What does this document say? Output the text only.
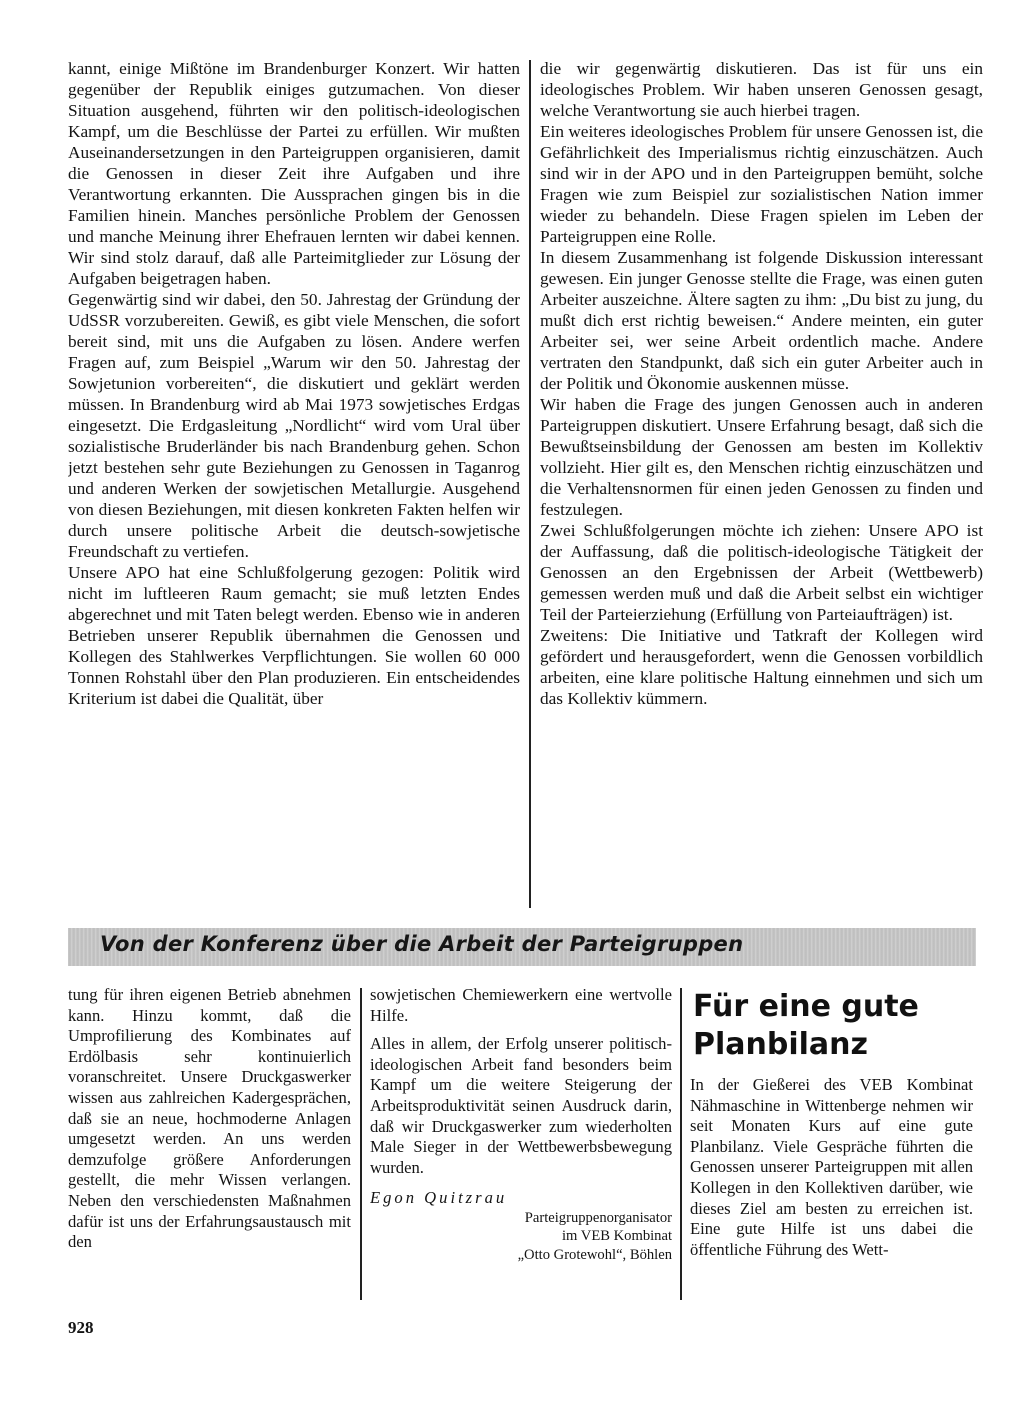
kannt, einige Mißtöne im Brandenburger Konzert. Wir hatten gegenüber der Republik einiges gutzumachen. Von dieser Situation ausgehend, führten wir den politisch-ideologischen Kampf, um die Beschlüsse der Partei zu erfüllen. Wir mußten Auseinandersetzungen in den Parteigruppen organisieren, damit die Genossen in dieser Zeit ihre Aufgaben und ihre Verantwortung erkannten. Die Aussprachen gingen bis in die Familien hinein. Manches persönliche Problem der Genossen und manche Meinung ihrer Ehefrauen lernten wir dabei kennen. Wir sind stolz darauf, daß alle Parteimitglieder zur Lösung der Aufgaben beigetragen haben.

Gegenwärtig sind wir dabei, den 50. Jahrestag der Gründung der UdSSR vorzubereiten. Gewiß, es gibt viele Menschen, die sofort bereit sind, mit uns die Aufgaben zu lösen. Andere werfen Fragen auf, zum Beispiel „Warum wir den 50. Jahrestag der Sowjetunion vorbereiten“, die diskutiert und geklärt werden müssen. In Brandenburg wird ab Mai 1973 sowjetisches Erdgas eingesetzt. Die Erdgasleitung „Nordlicht“ wird vom Ural über sozialistische Bruderländer bis nach Brandenburg gehen. Schon jetzt bestehen sehr gute Beziehungen zu Genossen in Taganrog und anderen Werken der sowjetischen Metallurgie. Ausgehend von diesen Beziehungen, mit diesen konkreten Fakten helfen wir durch unsere politische Arbeit die deutsch-sowjetische Freundschaft zu vertiefen.

Unsere APO hat eine Schlußfolgerung gezogen: Politik wird nicht im luftleeren Raum gemacht; sie muß letzten Endes abgerechnet und mit Taten belegt werden. Ebenso wie in anderen Betrieben unserer Republik übernahmen die Genossen und Kollegen des Stahlwerkes Verpflichtungen. Sie wollen 60 000 Tonnen Rohstahl über den Plan produzieren. Ein entscheidendes Kriterium ist dabei die Qualität, über

die wir gegenwärtig diskutieren. Das ist für uns ein ideologisches Problem. Wir haben unseren Genossen gesagt, welche Verantwortung sie auch hierbei tragen.

Ein weiteres ideologisches Problem für unsere Genossen ist, die Gefährlichkeit des Imperialismus richtig einzuschätzen. Auch sind wir in der APO und in den Parteigruppen bemüht, solche Fragen wie zum Beispiel zur sozialistischen Nation immer wieder zu behandeln. Diese Fragen spielen im Leben der Parteigruppen eine Rolle.

In diesem Zusammenhang ist folgende Diskussion interessant gewesen. Ein junger Genosse stellte die Frage, was einen guten Arbeiter auszeichne. Ältere sagten zu ihm: „Du bist zu jung, du mußt dich erst richtig beweisen.“ Andere meinten, ein guter Arbeiter sei, wer seine Arbeit ordentlich mache. Andere vertraten den Standpunkt, daß sich ein guter Arbeiter auch in der Politik und Ökonomie auskennen müsse.

Wir haben die Frage des jungen Genossen auch in anderen Parteigruppen diskutiert. Unsere Erfahrung besagt, daß sich die Bewußtseinsbildung der Genossen am besten im Kollektiv vollzieht. Hier gilt es, den Menschen richtig einzuschätzen und die Verhaltensnormen für einen jeden Genossen zu finden und festzulegen.

Zwei Schlußfolgerungen möchte ich ziehen: Unsere APO ist der Auffassung, daß die politisch-ideologische Tätigkeit der Genossen an den Ergebnissen der Arbeit (Wettbewerb) gemessen werden muß und daß die Arbeit selbst ein wichtiger Teil der Parteierziehung (Erfüllung von Parteiaufträgen) ist.

Zweitens: Die Initiative und Tatkraft der Kollegen wird gefördert und herausgefordert, wenn die Genossen vorbildlich arbeiten, eine klare politische Haltung einnehmen und sich um das Kollektiv kümmern.

Von der Konferenz über die Arbeit der Parteigruppen

tung für ihren eigenen Betrieb abnehmen kann. Hinzu kommt, daß die Umprofilierung des Kombinates auf Erdölbasis sehr kontinuierlich voranschreitet. Unsere Druckgaswerker wissen aus zahlreichen Kadergesprächen, daß sie an neue, hochmoderne Anlagen umgesetzt werden. An uns werden demzufolge größere Anforderungen gestellt, die mehr Wissen verlangen. Neben den verschiedensten Maßnahmen dafür ist uns der Erfahrungsaustausch mit den

sowjetischen Chemiewerkern eine wertvolle Hilfe.

Alles in allem, der Erfolg unserer politisch-ideologischen Arbeit fand besonders beim Kampf um die weitere Steigerung der Arbeitsproduktivität seinen Ausdruck darin, daß wir Druckgaswerker zum wiederholten Male Sieger in der Wettbewerbsbewegung wurden.

Egon Quitzrau

Parteigruppenorganisator

im VEB Kombinat

„Otto Grotewohl“, Böhlen

Für eine gute Planbilanz

In der Gießerei des VEB Kombinat Nähmaschine in Wittenberge nehmen wir seit Monaten Kurs auf eine gute Planbilanz. Viele Gespräche führten die Genossen unserer Parteigruppen mit allen Kollegen in den Kollektiven darüber, wie dieses Ziel am besten zu erreichen ist. Eine gute Hilfe ist uns dabei die öffentliche Führung des Wett-

928
